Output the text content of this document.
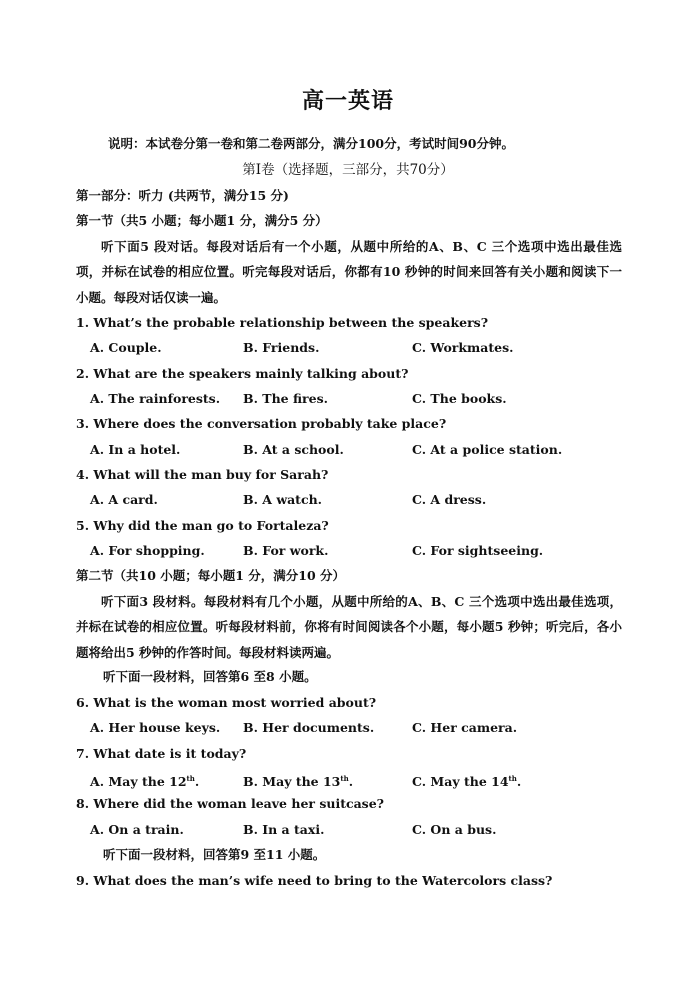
高一英语
说明：本试卷分第一卷和第二卷两部分，满分100分，考试时间90分钟。
第Ⅰ卷（选择题，三部分，共70分）
第一部分：听力 (共两节，满分15 分)
第一节（共5 小题；每小题1 分，满分5 分）
听下面5 段对话。每段对话后有一个小题，从题中所给的A、B、C 三个选项中选出最佳选项，并标在试卷的相应位置。听完每段对话后，你都有10 秒钟的时间来回答有关小题和阅读下一小题。每段对话仅读一遍。
1. What’s the probable relationship between the speakers?
A. Couple.	B. Friends.	C. Workmates.
2. What are the speakers mainly talking about?
A. The rainforests. B. The fires.	C. The books.
3. Where does the conversation probably take place?
A. In a hotel.	B. At a school.	C. At a police station.
4. What will the man buy for Sarah?
A. A card.	B. A watch.	C. A dress.
5. Why did the man go to Fortaleza?
A. For shopping.	B. For work.	C. For sightseeing.
第二节（共10 小题；每小题1 分，满分10 分）
听下面3 段材料。每段材料有几个小题，从题中所给的A、B、C 三个选项中选出最佳选项，并标在试卷的相应位置。听每段材料前，你将有时间阅读各个小题，每小题5 秒钟；听完后，各小题将给出5 秒钟的作答时间。每段材料读两遍。
听下面一段材料，回答第6 至8 小题。
6. What is the woman most worried about?
A. Her house keys. B. Her documents.	C. Her camera.
7. What date is it today?
A. May the 12th.	B. May the 13th.	C. May the 14th.
8. Where did the woman leave her suitcase?
A. On a train.	B. In a taxi.	C. On a bus.
听下面一段材料，回答第9 至11 小题。
9. What does the man’s wife need to bring to the Watercolors class?
